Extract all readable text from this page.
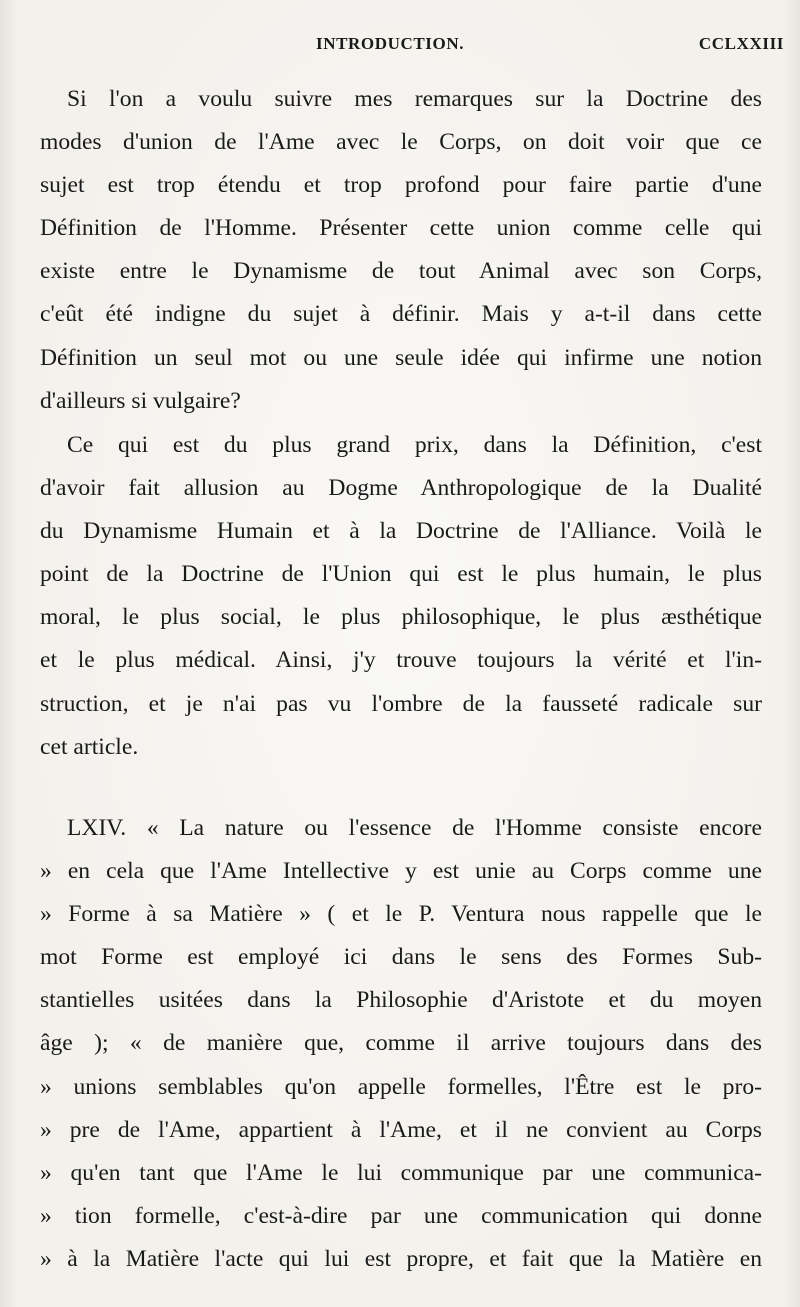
INTRODUCTION.	CCLXXIII
Si l'on a voulu suivre mes remarques sur la Doctrine des
modes d'union de l'Ame avec le Corps, on doit voir que ce
sujet est trop étendu et trop profond pour faire partie d'une
Définition de l'Homme. Présenter cette union comme celle qui
existe entre le Dynamisme de tout Animal avec son Corps,
c'eût été indigne du sujet à définir. Mais y a-t-il dans cette
Définition un seul mot ou une seule idée qui infirme une notion
d'ailleurs si vulgaire?
Ce qui est du plus grand prix, dans la Définition, c'est
d'avoir fait allusion au Dogme Anthropologique de la Dualité
du Dynamisme Humain et à la Doctrine de l'Alliance. Voilà le
point de la Doctrine de l'Union qui est le plus humain, le plus
moral, le plus social, le plus philosophique, le plus æsthétique
et le plus médical. Ainsi, j'y trouve toujours la vérité et l'in-
struction, et je n'ai pas vu l'ombre de la fausseté radicale sur
cet article.
LXIV. « La nature ou l'essence de l'Homme consiste encore
» en cela que l'Ame Intellective y est unie au Corps comme une
» Forme à sa Matière » ( et le P. Ventura nous rappelle que le
mot Forme est employé ici dans le sens des Formes Sub-
stantielles usitées dans la Philosophie d'Aristote et du moyen
âge ); « de manière que, comme il arrive toujours dans des
» unions semblables qu'on appelle formelles, l'Être est le pro-
» pre de l'Ame, appartient à l'Ame, et il ne convient au Corps
» qu'en tant que l'Ame le lui communique par une communica-
» tion formelle, c'est-à-dire par une communication qui donne
» à la Matière l'acte qui lui est propre, et fait que la Matière en
